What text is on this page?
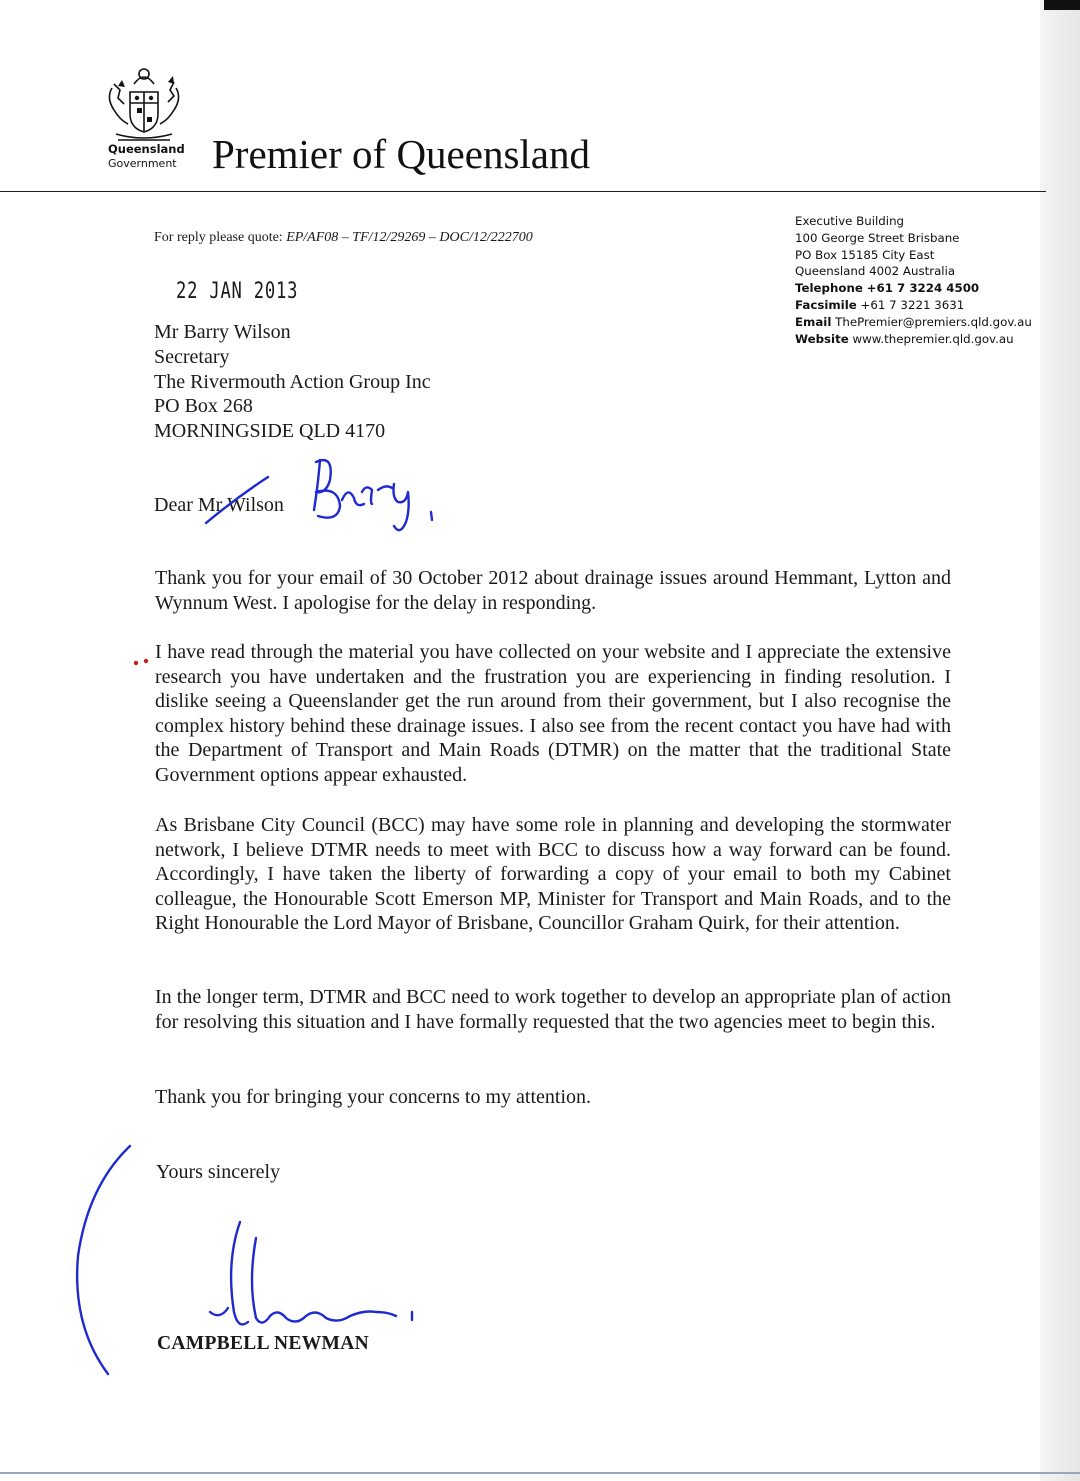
Queensland
Government Premier of Queensland
For reply please quote: EP/AF08 – TF/12/29269 – DOC/12/222700
Executive Building
100 George Street Brisbane
PO Box 15185 City East
Queensland 4002 Australia
Telephone +61 7 3224 4500
Facsimile +61 7 3221 3631
Email ThePremier@premiers.qld.gov.au
Website www.thepremier.qld.gov.au
22 JAN 2013
Mr Barry Wilson
Secretary
The Rivermouth Action Group Inc
PO Box 268
MORNINGSIDE QLD 4170
Dear Mr Wilson
Thank you for your email of 30 October 2012 about drainage issues around Hemmant, Lytton and Wynnum West. I apologise for the delay in responding.
I have read through the material you have collected on your website and I appreciate the extensive research you have undertaken and the frustration you are experiencing in finding resolution. I dislike seeing a Queenslander get the run around from their government, but I also recognise the complex history behind these drainage issues. I also see from the recent contact you have had with the Department of Transport and Main Roads (DTMR) on the matter that the traditional State Government options appear exhausted.
As Brisbane City Council (BCC) may have some role in planning and developing the stormwater network, I believe DTMR needs to meet with BCC to discuss how a way forward can be found. Accordingly, I have taken the liberty of forwarding a copy of your email to both my Cabinet colleague, the Honourable Scott Emerson MP, Minister for Transport and Main Roads, and to the Right Honourable the Lord Mayor of Brisbane, Councillor Graham Quirk, for their attention.
In the longer term, DTMR and BCC need to work together to develop an appropriate plan of action for resolving this situation and I have formally requested that the two agencies meet to begin this.
Thank you for bringing your concerns to my attention.
Yours sincerely
CAMPBELL NEWMAN
